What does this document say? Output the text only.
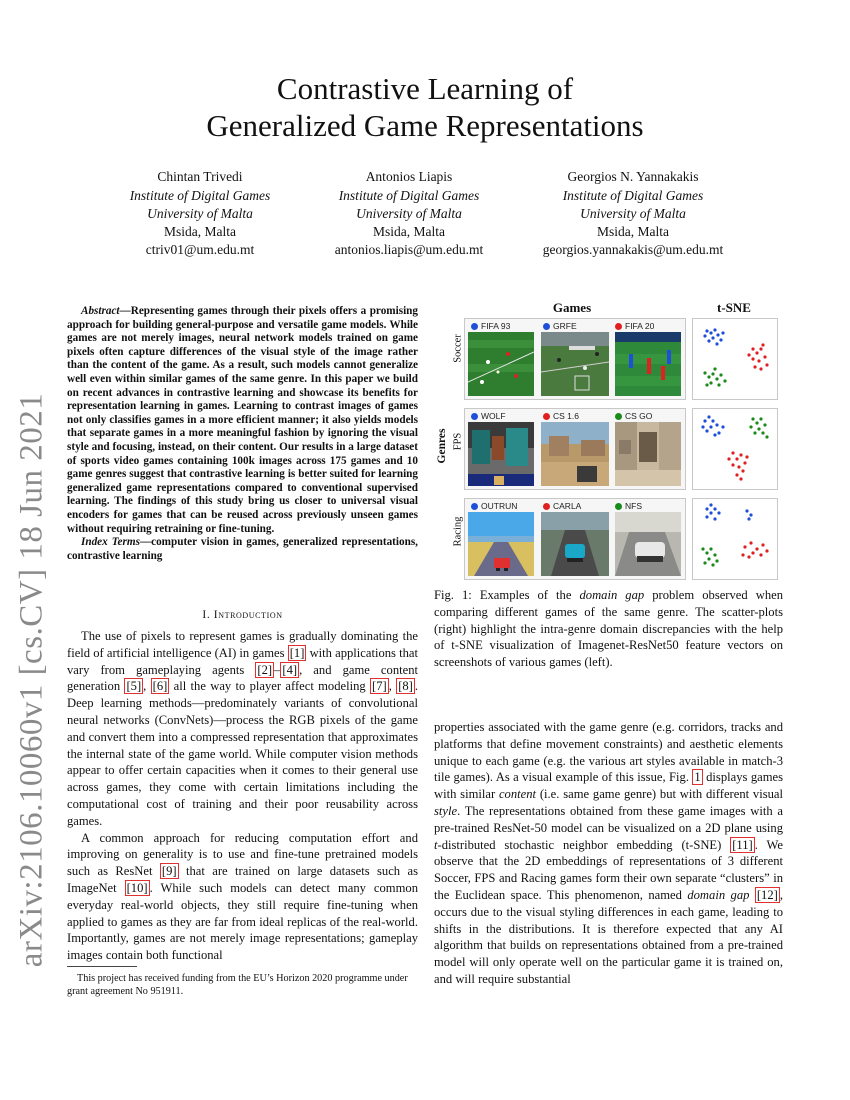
arXiv:2106.10060v1 [cs.CV] 18 Jun 2021
Contrastive Learning of
Generalized Game Representations
Chintan Trivedi
Institute of Digital Games
University of Malta
Msida, Malta
ctriv01@um.edu.mt
Antonios Liapis
Institute of Digital Games
University of Malta
Msida, Malta
antonios.liapis@um.edu.mt
Georgios N. Yannakakis
Institute of Digital Games
University of Malta
Msida, Malta
georgios.yannakakis@um.edu.mt
Abstract—Representing games through their pixels offers a promising approach for building general-purpose and versatile game models. While games are not merely images, neural network models trained on game pixels often capture differences of the visual style of the image rather than the content of the game. As a result, such models cannot generalize well even within similar games of the same genre. In this paper we build on recent advances in contrastive learning and showcase its benefits for representation learning in games. Learning to contrast images of games not only classifies games in a more efficient manner; it also yields models that separate games in a more meaningful fashion by ignoring the visual style and focusing, instead, on their content. Our results in a large dataset of sports video games containing 100k images across 175 games and 10 game genres suggest that contrastive learning is better suited for learning generalized game representations compared to conventional supervised learning. The findings of this study bring us closer to universal visual encoders for games that can be reused across previously unseen games without requiring retraining or fine-tuning.
Index Terms—computer vision in games, generalized representations, contrastive learning
I. Introduction

The use of pixels to represent games is gradually dominating the field of artificial intelligence (AI) in games [1] with applications that vary from gameplaying agents [2] – [4] , and game content generation [5] , [6] all the way to player affect modeling [7] , [8] . Deep learning methods—predominately variants of convolutional neural networks (ConvNets)—process the RGB pixels of the game and convert them into a compressed representation that approximates the internal state of the game world. While computer vision methods appear to offer certain capacities when it comes to their general use across games, they come with certain limitations including the computational cost of training and their poor reusability across games.

A common approach for reducing computation effort and improving on generality is to use and fine-tune pretrained models such as ResNet [9] that are trained on large datasets such as ImageNet [10] . While such models can detect many common everyday real-world objects, they still require fine-tuning when applied to games as they are far from ideal replicas of the real-world. Importantly, games are not merely image representations; gameplay images contain both functional

This project has received funding from the EU’s Horizon 2020 programme under grant agreement No 951911.
Games	t-SNE
Genres
Soccer
FIFA 93	GRFE	FIFA 20
FPS
WOLF	CS 1.6	CS GO
Racing
OUTRUN	CARLA	NFS
Fig. 1: Examples of the domain gap problem observed when comparing different games of the same genre. The scatter-plots (right) highlight the intra-genre domain discrepancies with the help of t-SNE visualization of Imagenet-ResNet50 feature vectors on screenshots of various games (left).

properties associated with the game genre (e.g. corridors, tracks and platforms that define movement constraints) and aesthetic elements unique to each game (e.g. the various art styles available in match-3 tile games). As a visual example of this issue, Fig. 1 displays games with similar content (i.e. same game genre) but with different visual style. The representations obtained from these game images with a pre-trained ResNet-50 model can be visualized on a 2D plane using t-distributed stochastic neighbor embedding (t-SNE) [11] . We observe that the 2D embeddings of representations of 3 different Soccer, FPS and Racing games form their own separate “clusters” in the Euclidean space. This phenomenon, named domain gap [12] , occurs due to the visual styling differences in each game, leading to shifts in the distributions. It is therefore expected that any AI algorithm that builds on representations obtained from a pre-trained model will only operate well on the particular game it is trained on, and will require substantial
